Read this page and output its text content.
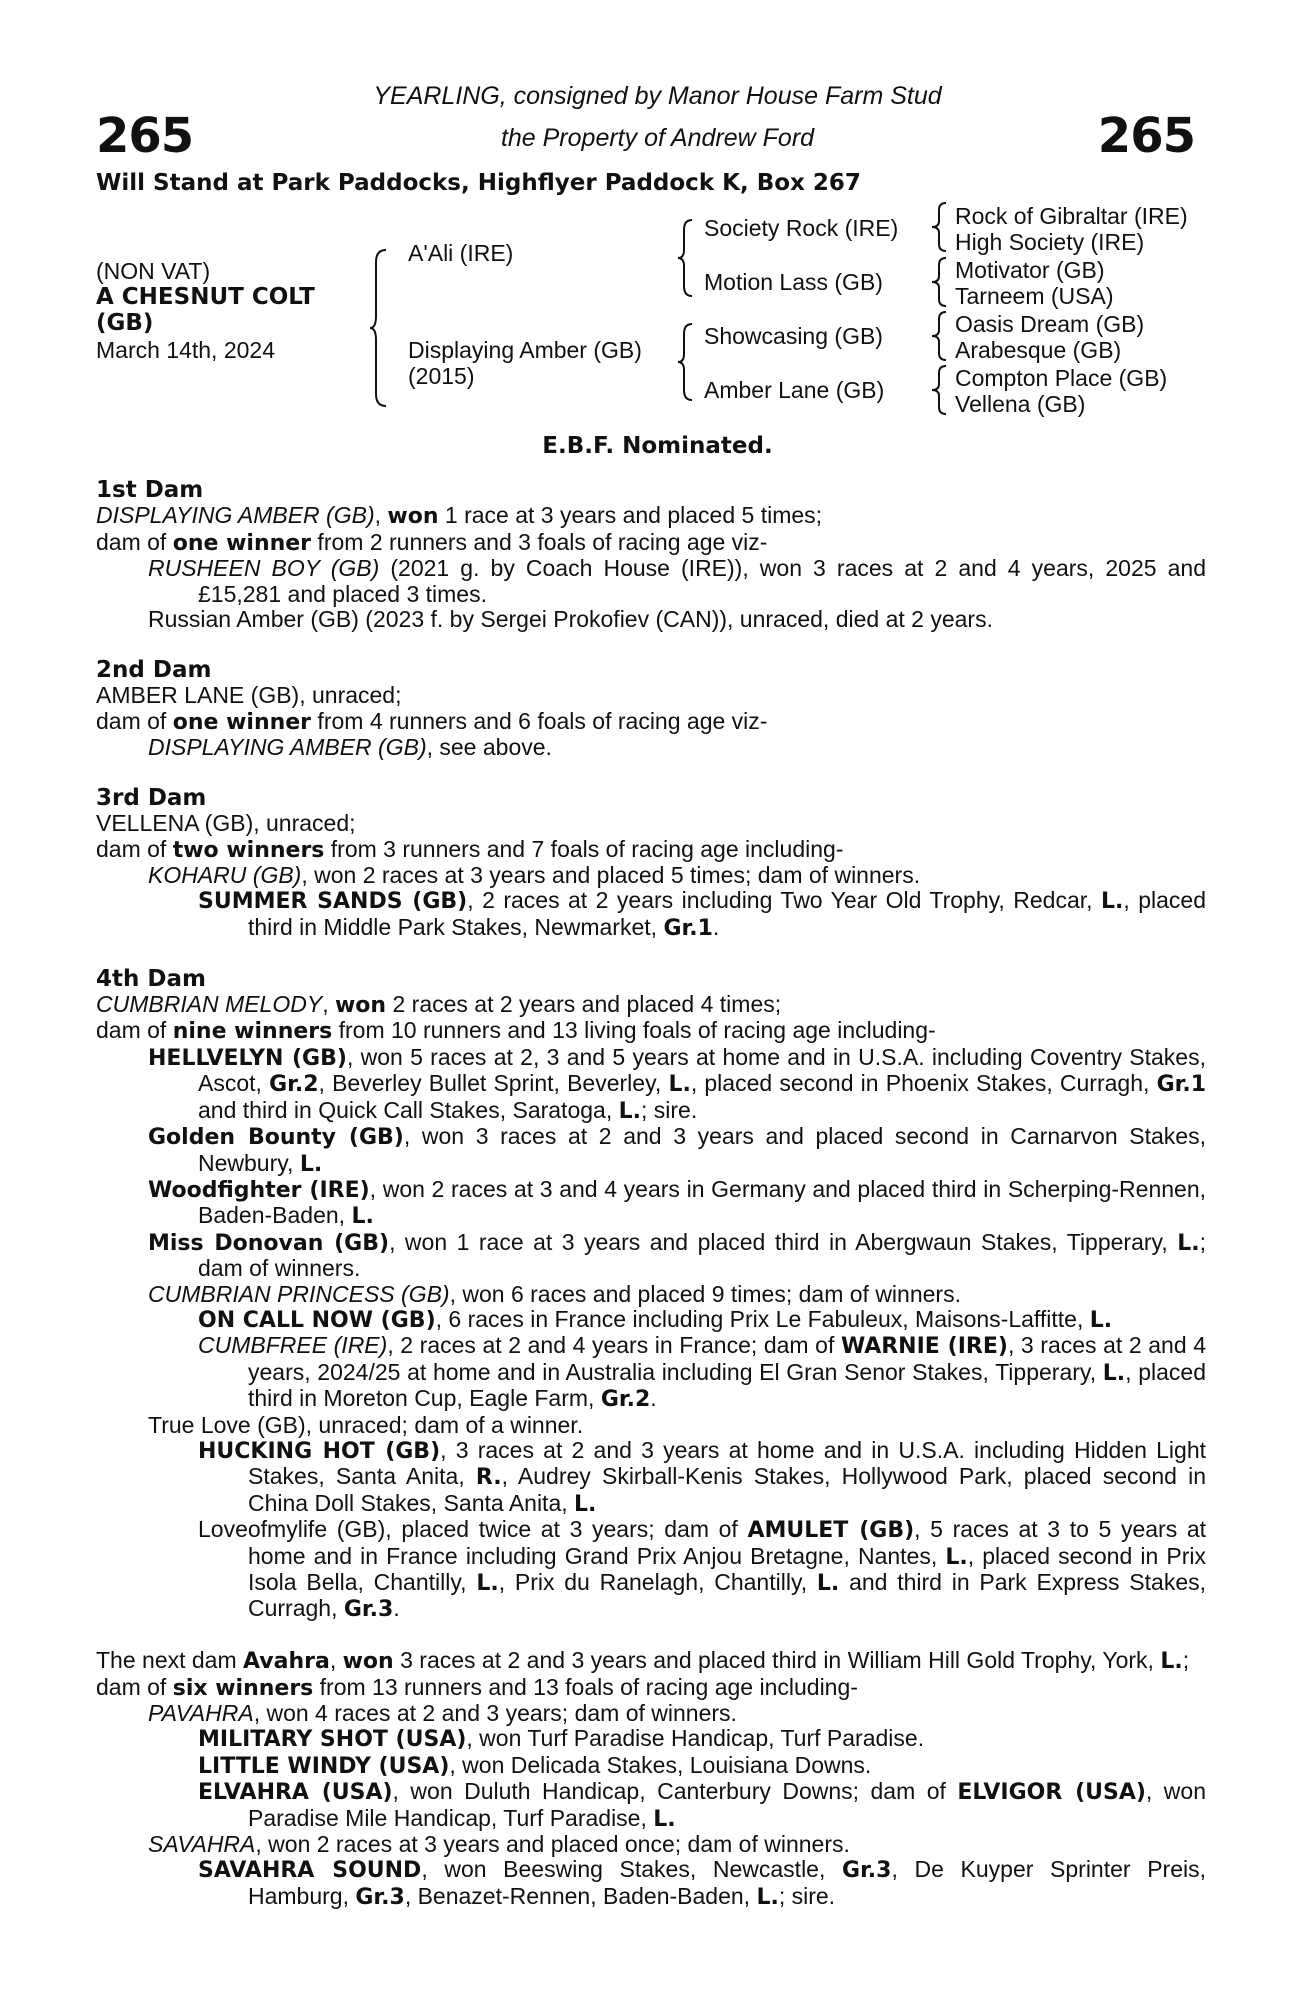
265	265
YEARLING, consigned by Manor House Farm Stud
the Property of Andrew Ford
Will Stand at Park Paddocks, Highflyer Paddock K, Box 267
(NON VAT)
A CHESNUT COLT
(GB)
March 14th, 2024
A'Ali (IRE)
Displaying Amber (GB)
(2015)
Society Rock (IRE)
Motion Lass (GB)
Showcasing (GB)
Amber Lane (GB)
Rock of Gibraltar (IRE)
High Society (IRE)
Motivator (GB)
Tarneem (USA)
Oasis Dream (GB)
Arabesque (GB)
Compton Place (GB)
Vellena (GB)
E.B.F. Nominated.

1st Dam

DISPLAYING AMBER (GB), won 1 race at 3 years and placed 5 times;

dam of one winner from 2 runners and 3 foals of racing age viz-

RUSHEEN BOY (GB) (2021 g. by Coach House (IRE)), won 3 races at 2 and 4 years, 2025 and £15,281 and placed 3 times.

Russian Amber (GB) (2023 f. by Sergei Prokofiev (CAN)), unraced, died at 2 years.

2nd Dam

AMBER LANE (GB), unraced;

dam of one winner from 4 runners and 6 foals of racing age viz-

DISPLAYING AMBER (GB), see above.

3rd Dam

VELLENA (GB), unraced;

dam of two winners from 3 runners and 7 foals of racing age including-

KOHARU (GB), won 2 races at 3 years and placed 5 times; dam of winners.

SUMMER SANDS (GB), 2 races at 2 years including Two Year Old Trophy, Redcar, L., placed third in Middle Park Stakes, Newmarket, Gr.1.

4th Dam

CUMBRIAN MELODY, won 2 races at 2 years and placed 4 times;

dam of nine winners from 10 runners and 13 living foals of racing age including-

HELLVELYN (GB), won 5 races at 2, 3 and 5 years at home and in U.S.A. including Coventry Stakes, Ascot, Gr.2, Beverley Bullet Sprint, Beverley, L., placed second in Phoenix Stakes, Curragh, Gr.1 and third in Quick Call Stakes, Saratoga, L.; sire.

Golden Bounty (GB), won 3 races at 2 and 3 years and placed second in Carnarvon Stakes, Newbury, L.

Woodfighter (IRE), won 2 races at 3 and 4 years in Germany and placed third in Scherping-Rennen, Baden-Baden, L.

Miss Donovan (GB), won 1 race at 3 years and placed third in Abergwaun Stakes, Tipperary, L.; dam of winners.

CUMBRIAN PRINCESS (GB), won 6 races and placed 9 times; dam of winners.

ON CALL NOW (GB), 6 races in France including Prix Le Fabuleux, Maisons-Laffitte, L.

CUMBFREE (IRE), 2 races at 2 and 4 years in France; dam of WARNIE (IRE), 3 races at 2 and 4 years, 2024/25 at home and in Australia including El Gran Senor Stakes, Tipperary, L., placed third in Moreton Cup, Eagle Farm, Gr.2.

True Love (GB), unraced; dam of a winner.

HUCKING HOT (GB), 3 races at 2 and 3 years at home and in U.S.A. including Hidden Light Stakes, Santa Anita, R., Audrey Skirball-Kenis Stakes, Hollywood Park, placed second in China Doll Stakes, Santa Anita, L.

Loveofmylife (GB), placed twice at 3 years; dam of AMULET (GB), 5 races at 3 to 5 years at home and in France including Grand Prix Anjou Bretagne, Nantes, L., placed second in Prix Isola Bella, Chantilly, L., Prix du Ranelagh, Chantilly, L. and third in Park Express Stakes, Curragh, Gr.3.

The next dam Avahra, won 3 races at 2 and 3 years and placed third in William Hill Gold Trophy, York, L.;

dam of six winners from 13 runners and 13 foals of racing age including-

PAVAHRA, won 4 races at 2 and 3 years; dam of winners.

MILITARY SHOT (USA), won Turf Paradise Handicap, Turf Paradise.

LITTLE WINDY (USA), won Delicada Stakes, Louisiana Downs.

ELVAHRA (USA), won Duluth Handicap, Canterbury Downs; dam of ELVIGOR (USA), won Paradise Mile Handicap, Turf Paradise, L.

SAVAHRA, won 2 races at 3 years and placed once; dam of winners.

SAVAHRA SOUND, won Beeswing Stakes, Newcastle, Gr.3, De Kuyper Sprinter Preis, Hamburg, Gr.3, Benazet-Rennen, Baden-Baden, L.; sire.
